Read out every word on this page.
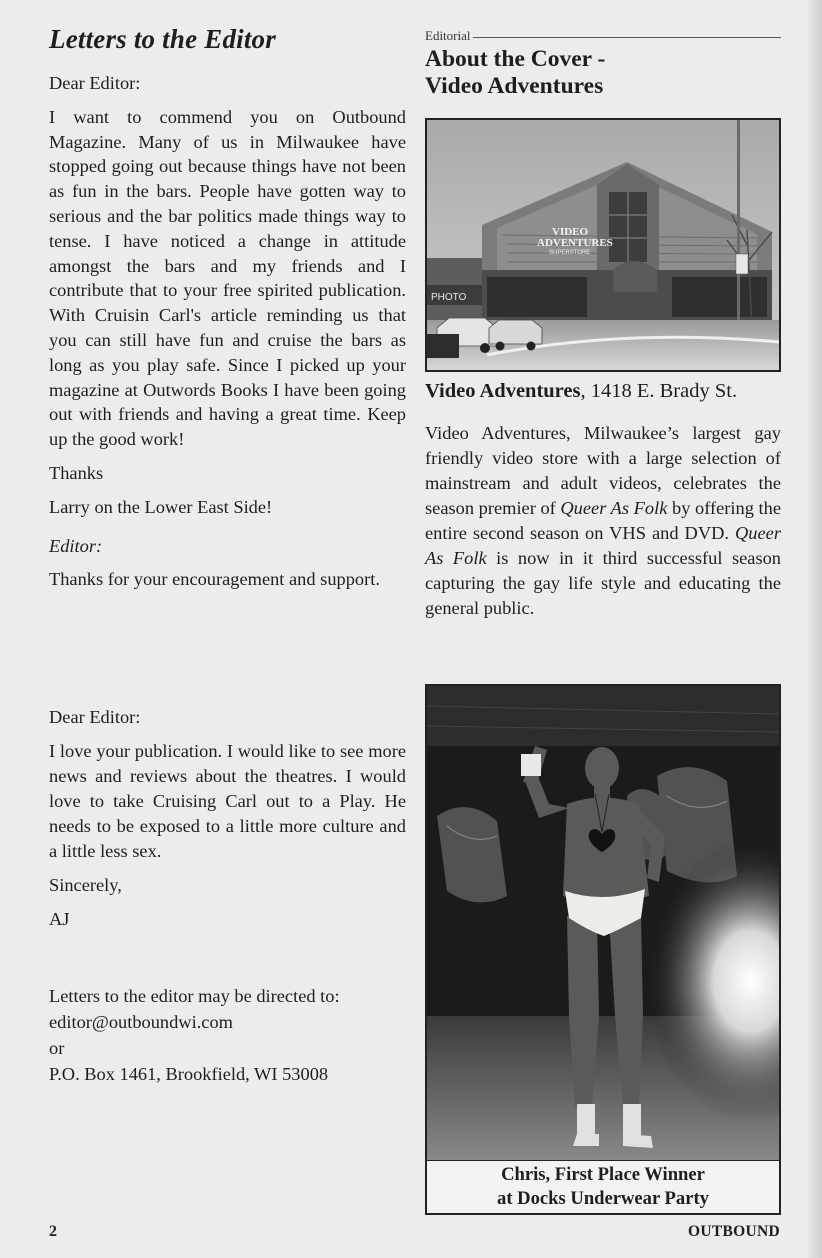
Letters to the Editor

Dear Editor:

I want to commend you on Outbound Magazine. Many of us in Milwaukee have stopped going out because things have not been as fun in the bars. People have gotten way to serious and the bar politics made things way to tense. I have noticed a change in attitude amongst the bars and my friends and I contribute that to your free spirited publication. With Cruisin Carl's article reminding us that you can still have fun and cruise the bars as long as you play safe. Since I picked up your magazine at Outwords Books I have been going out with friends and having a great time. Keep up the good work!

Thanks

Larry on the Lower East Side!

Editor:

Thanks for your encouragement and support.

Dear Editor:

I love your publication. I would like to see more news and reviews about the theatres. I would love to take Cruising Carl out to a Play. He needs to be exposed to a little more culture and a little less sex.

Sincerely,

AJ

Letters to the editor may be directed to:

editor@outboundwi.com

or

P.O. Box 1461, Brookfield, WI 53008

Editorial
About the Cover -
Video Adventures
PHOTO
VIDEO
ADVENTURES
SUPERSTORE
Video Adventures, 1418 E. Brady St.

Video Adventures, Milwaukee’s largest gay friendly video store with a large selection of mainstream and adult videos, celebrates the season premier of Queer As Folk by offering the entire second season on VHS and DVD. Queer As Folk is now in it third successful season capturing the gay life style and educating the general public.

Chris, First Place Winner
at Docks Underwear Party
2	OUTBOUND
